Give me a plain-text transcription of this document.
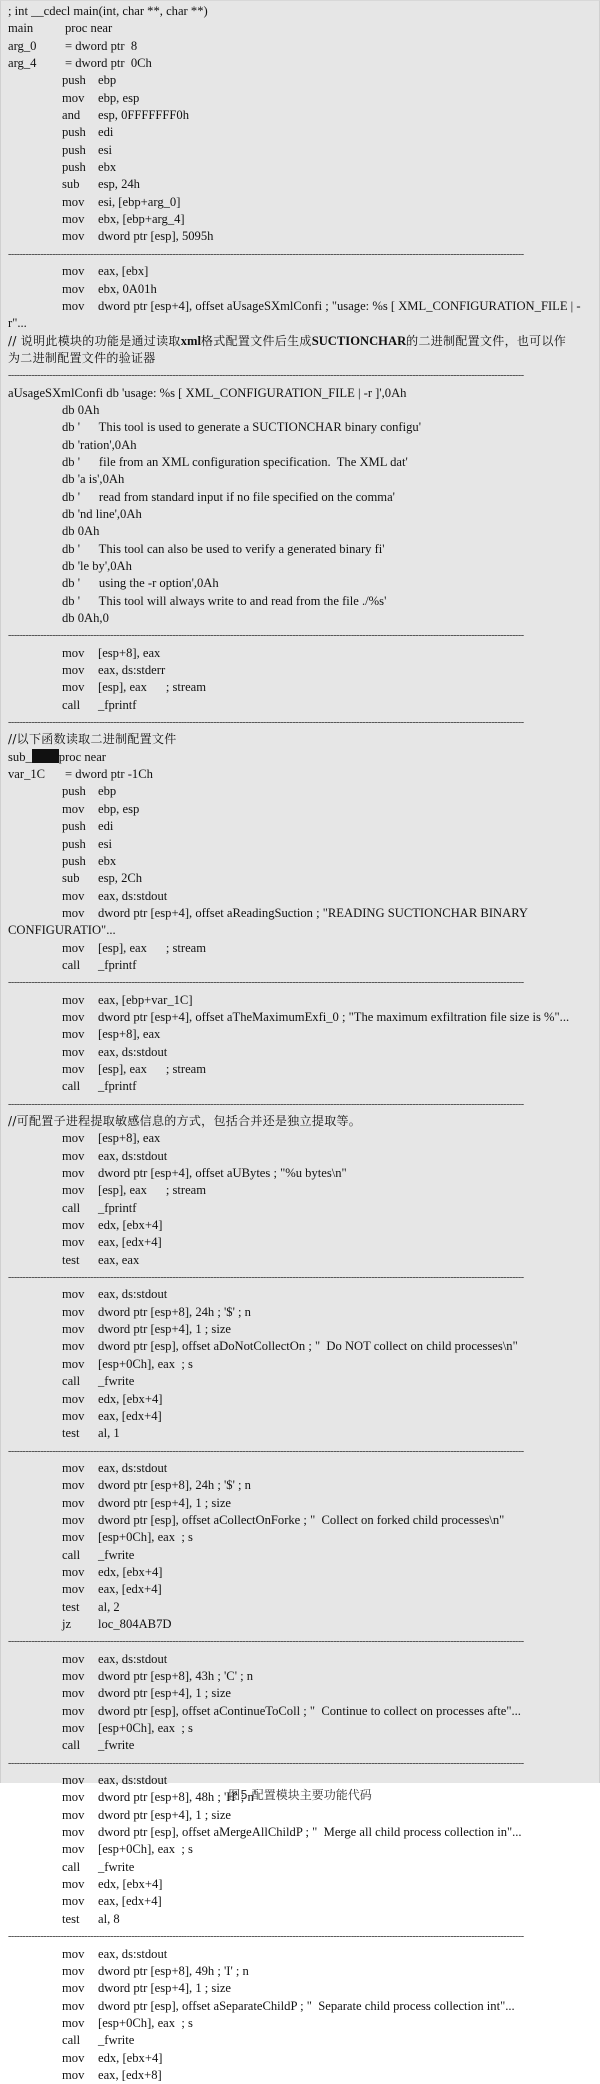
; int __cdecl main(int, char **, char **)
main	proc near
arg_0 = dword ptr  8
arg_4 = dword ptr  0Ch
push ebp
mov ebp, esp
and esp, 0FFFFFFF0h
push edi
push esi
push ebx
sub esp, 24h
mov esi, [ebp+arg_0]
mov ebx, [ebp+arg_4]
mov dword ptr [esp], 5095h
--------------------------------------------------------------------------------------------------------------------------------------------------------------------------------
mov eax, [ebx]
mov ebx, 0A01h
mov dword ptr [esp+4], offset aUsageSXmlConfi ; "usage: %s [ XML_CONFIGURATION_FILE | -
r"...
// 说明此模块的功能是通过读取xml格式配置文件后生成SUCTIONCHAR的二进制配置文件，也可以作
为二进制配置文件的验证器
--------------------------------------------------------------------------------------------------------------------------------------------------------------------------------
aUsageSXmlConfi db 'usage: %s [ XML_CONFIGURATION_FILE | -r ]',0Ah
db 0Ah
db '      This tool is used to generate a SUCTIONCHAR binary configu'
db 'ration',0Ah
db '      file from an XML configuration specification.  The XML dat'
db 'a is',0Ah
db '      read from standard input if no file specified on the comma'
db 'nd line',0Ah
db 0Ah
db '      This tool can also be used to verify a generated binary fi'
db 'le by',0Ah
db '      using the -r option',0Ah
db '      This tool will always write to and read from the file ./%s'
db 0Ah,0
--------------------------------------------------------------------------------------------------------------------------------------------------------------------------------
mov [esp+8], eax
mov eax, ds:stderr
mov [esp], eax      ; stream
call _fprintf
--------------------------------------------------------------------------------------------------------------------------------------------------------------------------------
//以下函数读取二进制配置文件
sub_ proc near
var_1C = dword ptr -1Ch
push ebp
mov ebp, esp
push edi
push esi
push ebx
sub esp, 2Ch
mov eax, ds:stdout
mov dword ptr [esp+4], offset aReadingSuction ; "READING SUCTIONCHAR BINARY
CONFIGURATIO"...
mov [esp], eax      ; stream
call _fprintf
--------------------------------------------------------------------------------------------------------------------------------------------------------------------------------
mov eax, [ebp+var_1C]
mov dword ptr [esp+4], offset aTheMaximumExfi_0 ; "The maximum exfiltration file size is %"...
mov [esp+8], eax
mov eax, ds:stdout
mov [esp], eax      ; stream
call _fprintf
--------------------------------------------------------------------------------------------------------------------------------------------------------------------------------
//可配置子进程提取敏感信息的方式，包括合并还是独立提取等。
mov [esp+8], eax
mov eax, ds:stdout
mov dword ptr [esp+4], offset aUBytes ; "%u bytes\n"
mov [esp], eax      ; stream
call _fprintf
mov edx, [ebx+4]
mov eax, [edx+4]
test eax, eax
--------------------------------------------------------------------------------------------------------------------------------------------------------------------------------
mov eax, ds:stdout
mov dword ptr [esp+8], 24h ; '$' ; n
mov dword ptr [esp+4], 1 ; size
mov dword ptr [esp], offset aDoNotCollectOn ; "  Do NOT collect on child processes\n"
mov [esp+0Ch], eax  ; s
call _fwrite
mov edx, [ebx+4]
mov eax, [edx+4]
test al, 1
--------------------------------------------------------------------------------------------------------------------------------------------------------------------------------
mov eax, ds:stdout
mov dword ptr [esp+8], 24h ; '$' ; n
mov dword ptr [esp+4], 1 ; size
mov dword ptr [esp], offset aCollectOnForke ; "  Collect on forked child processes\n"
mov [esp+0Ch], eax  ; s
call _fwrite
mov edx, [ebx+4]
mov eax, [edx+4]
test al, 2
jz loc_804AB7D
--------------------------------------------------------------------------------------------------------------------------------------------------------------------------------
mov eax, ds:stdout
mov dword ptr [esp+8], 43h ; 'C' ; n
mov dword ptr [esp+4], 1 ; size
mov dword ptr [esp], offset aContinueToColl ; "  Continue to collect on processes afte"...
mov [esp+0Ch], eax  ; s
call _fwrite
--------------------------------------------------------------------------------------------------------------------------------------------------------------------------------
mov eax, ds:stdout
mov dword ptr [esp+8], 48h ; 'H' ; n
mov dword ptr [esp+4], 1 ; size
mov dword ptr [esp], offset aMergeAllChildP ; "  Merge all child process collection in"...
mov [esp+0Ch], eax  ; s
call _fwrite
mov edx, [ebx+4]
mov eax, [edx+4]
test al, 8
--------------------------------------------------------------------------------------------------------------------------------------------------------------------------------
mov eax, ds:stdout
mov dword ptr [esp+8], 49h ; 'I' ; n
mov dword ptr [esp+4], 1 ; size
mov dword ptr [esp], offset aSeparateChildP ; "  Separate child process collection int"...
mov [esp+0Ch], eax  ; s
call _fwrite
mov edx, [ebx+4]
mov eax, [edx+8]
图5 配置模块主要功能代码
